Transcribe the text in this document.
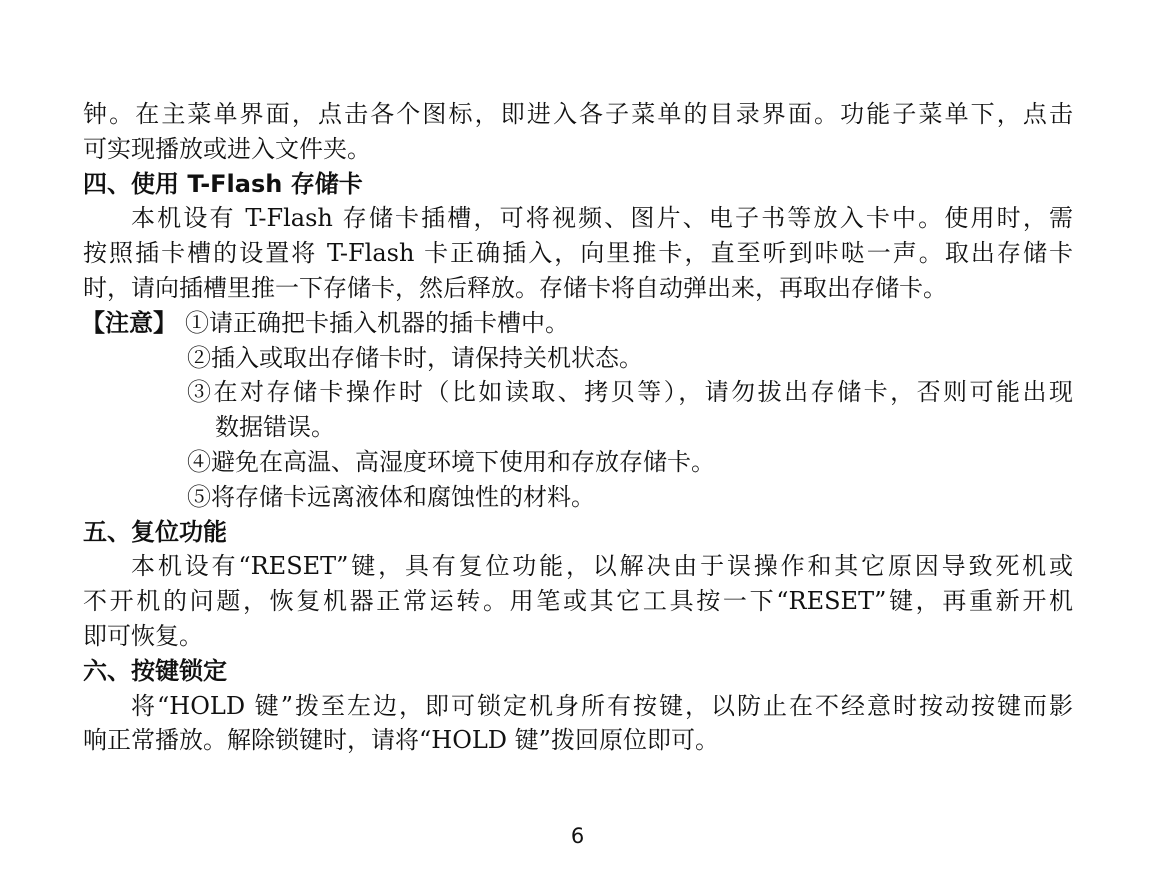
钟。在主菜单界面，点击各个图标，即进入各子菜单的目录界面。功能子菜单下，点击
可实现播放或进入文件夹。
四、使用 T-Flash 存储卡
本机设有 T-Flash 存储卡插槽，可将视频、图片、电子书等放入卡中。使用时，需
按照插卡槽的设置将 T-Flash 卡正确插入，向里推卡，直至听到咔哒一声。取出存储卡
时，请向插槽里推一下存储卡，然后释放。存储卡将自动弹出来，再取出存储卡。
【注意】 ①请正确把卡插入机器的插卡槽中。
②插入或取出存储卡时，请保持关机状态。
③在对存储卡操作时（比如读取、拷贝等），请勿拔出存储卡，否则可能出现
数据错误。
④避免在高温、高湿度环境下使用和存放存储卡。
⑤将存储卡远离液体和腐蚀性的材料。
五、复位功能
本机设有“RESET”键，具有复位功能，以解决由于误操作和其它原因导致死机或
不开机的问题，恢复机器正常运转。用笔或其它工具按一下“RESET”键，再重新开机
即可恢复。
六、按键锁定
将“HOLD 键”拨至左边，即可锁定机身所有按键，以防止在不经意时按动按键而影
响正常播放。解除锁键时，请将“HOLD 键”拨回原位即可。
6
